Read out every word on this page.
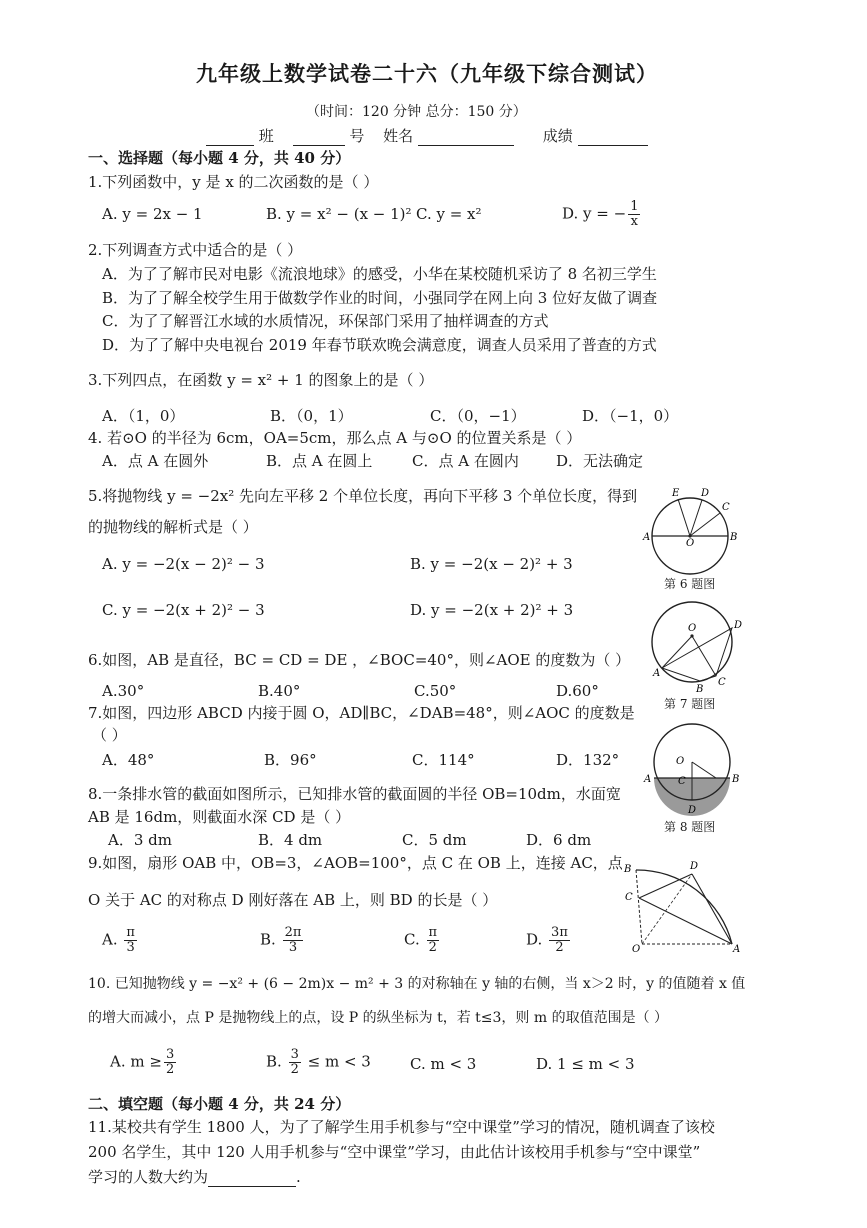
九年级上数学试卷二十六（九年级下综合测试）
（时间：120 分钟 总分：150 分）
班	号 姓名	成绩
一、选择题（每小题 4 分，共 40 分）
1.下列函数中，y 是 x 的二次函数的是（ ）
A. y = 2x − 1	B. y = x² − (x − 1)² C. y = x²	D. y = − $\frac{1}{x}$
2.下列调查方式中适合的是（ ）
A．为了了解市民对电影《流浪地球》的感受，小华在某校随机采访了 8 名初三学生
B．为了了解全校学生用于做数学作业的时间，小强同学在网上向 3 位好友做了调查
C．为了了解晋江水域的水质情况，环保部门采用了抽样调查的方式
D．为了了解中央电视台 2019 年春节联欢晚会满意度，调查人员采用了普查的方式
3.下列四点，在函数 y = x² + 1 的图象上的是（ ）
A．（1，0）	B．（0，1）	C．（0，−1）	D．（−1，0）
4. 若⊙O 的半径为 6cm，OA=5cm，那么点 A 与⊙O 的位置关系是（ ）
A．点 A 在圆外	B．点 A 在圆上	C．点 A 在圆内 D．无法确定
5.将抛物线 y = −2x² 先向左平移 2 个单位长度，再向下平移 3 个单位长度，得到
的抛物线的解析式是（ ）
A. y = −2(x − 2)² − 3	B. y = −2(x − 2)² + 3
C. y = −2(x + 2)² − 3	D. y = −2(x + 2)² + 3
6.如图，AB 是直径，BC = CD = DE ，∠BOC=40°，则∠AOE 的度数为（ ）
A.30°	B.40°	C.50°	D.60°
7.如图，四边形 ABCD 内接于圆 O，AD∥BC，∠DAB=48°，则∠AOC 的度数是
（ ）
A．48°	B．96°	C．114°	D．132°
8.一条排水管的截面如图所示，已知排水管的截面圆的半径 OB=10dm，水面宽
AB 是 16dm，则截面水深 CD 是（ ）
A．3 dm	B．4 dm	C．5 dm	D．6 dm
9.如图，扇形 OAB 中，OB=3，∠AOB=100°，点 C 在 OB 上，连接 AC，点
O 关于 AC 的对称点 D 刚好落在 AB 上，则 BD 的长是（ ）
A. $\frac{\pi}{3}$	B. $\frac{2\pi}{3}$	C. $\frac{\pi}{2}$	D. $\frac{3\pi}{2}$
10. 已知抛物线 y = −x² + (6 − 2m)x − m² + 3 的对称轴在 y 轴的右侧，当 x＞2 时，y 的值随着 x 值
的增大而减小，点 P 是抛物线上的点，设 P 的纵坐标为 t，若 t≤3，则 m 的取值范围是（ ）
A. $m \ge \frac{3}{2}$	B. $\frac{3}{2} \le m < 3$	C. m < 3	D. 1 ≤ m < 3
二、填空题（每小题 4 分，共 24 分）
11.某校共有学生 1800 人，为了了解学生用手机参与“空中课堂”学习的情况，随机调查了该校
200 名学生，其中 120 人用手机参与“空中课堂”学习，由此估计该校用手机参与“空中课堂”
学习的人数大约为	.
E D
C
A
O
B
第 6 题图
O	D
A
C
B
第 7 题图
O
C
A	B
D
第 8 题图
B	D
C
O	A
